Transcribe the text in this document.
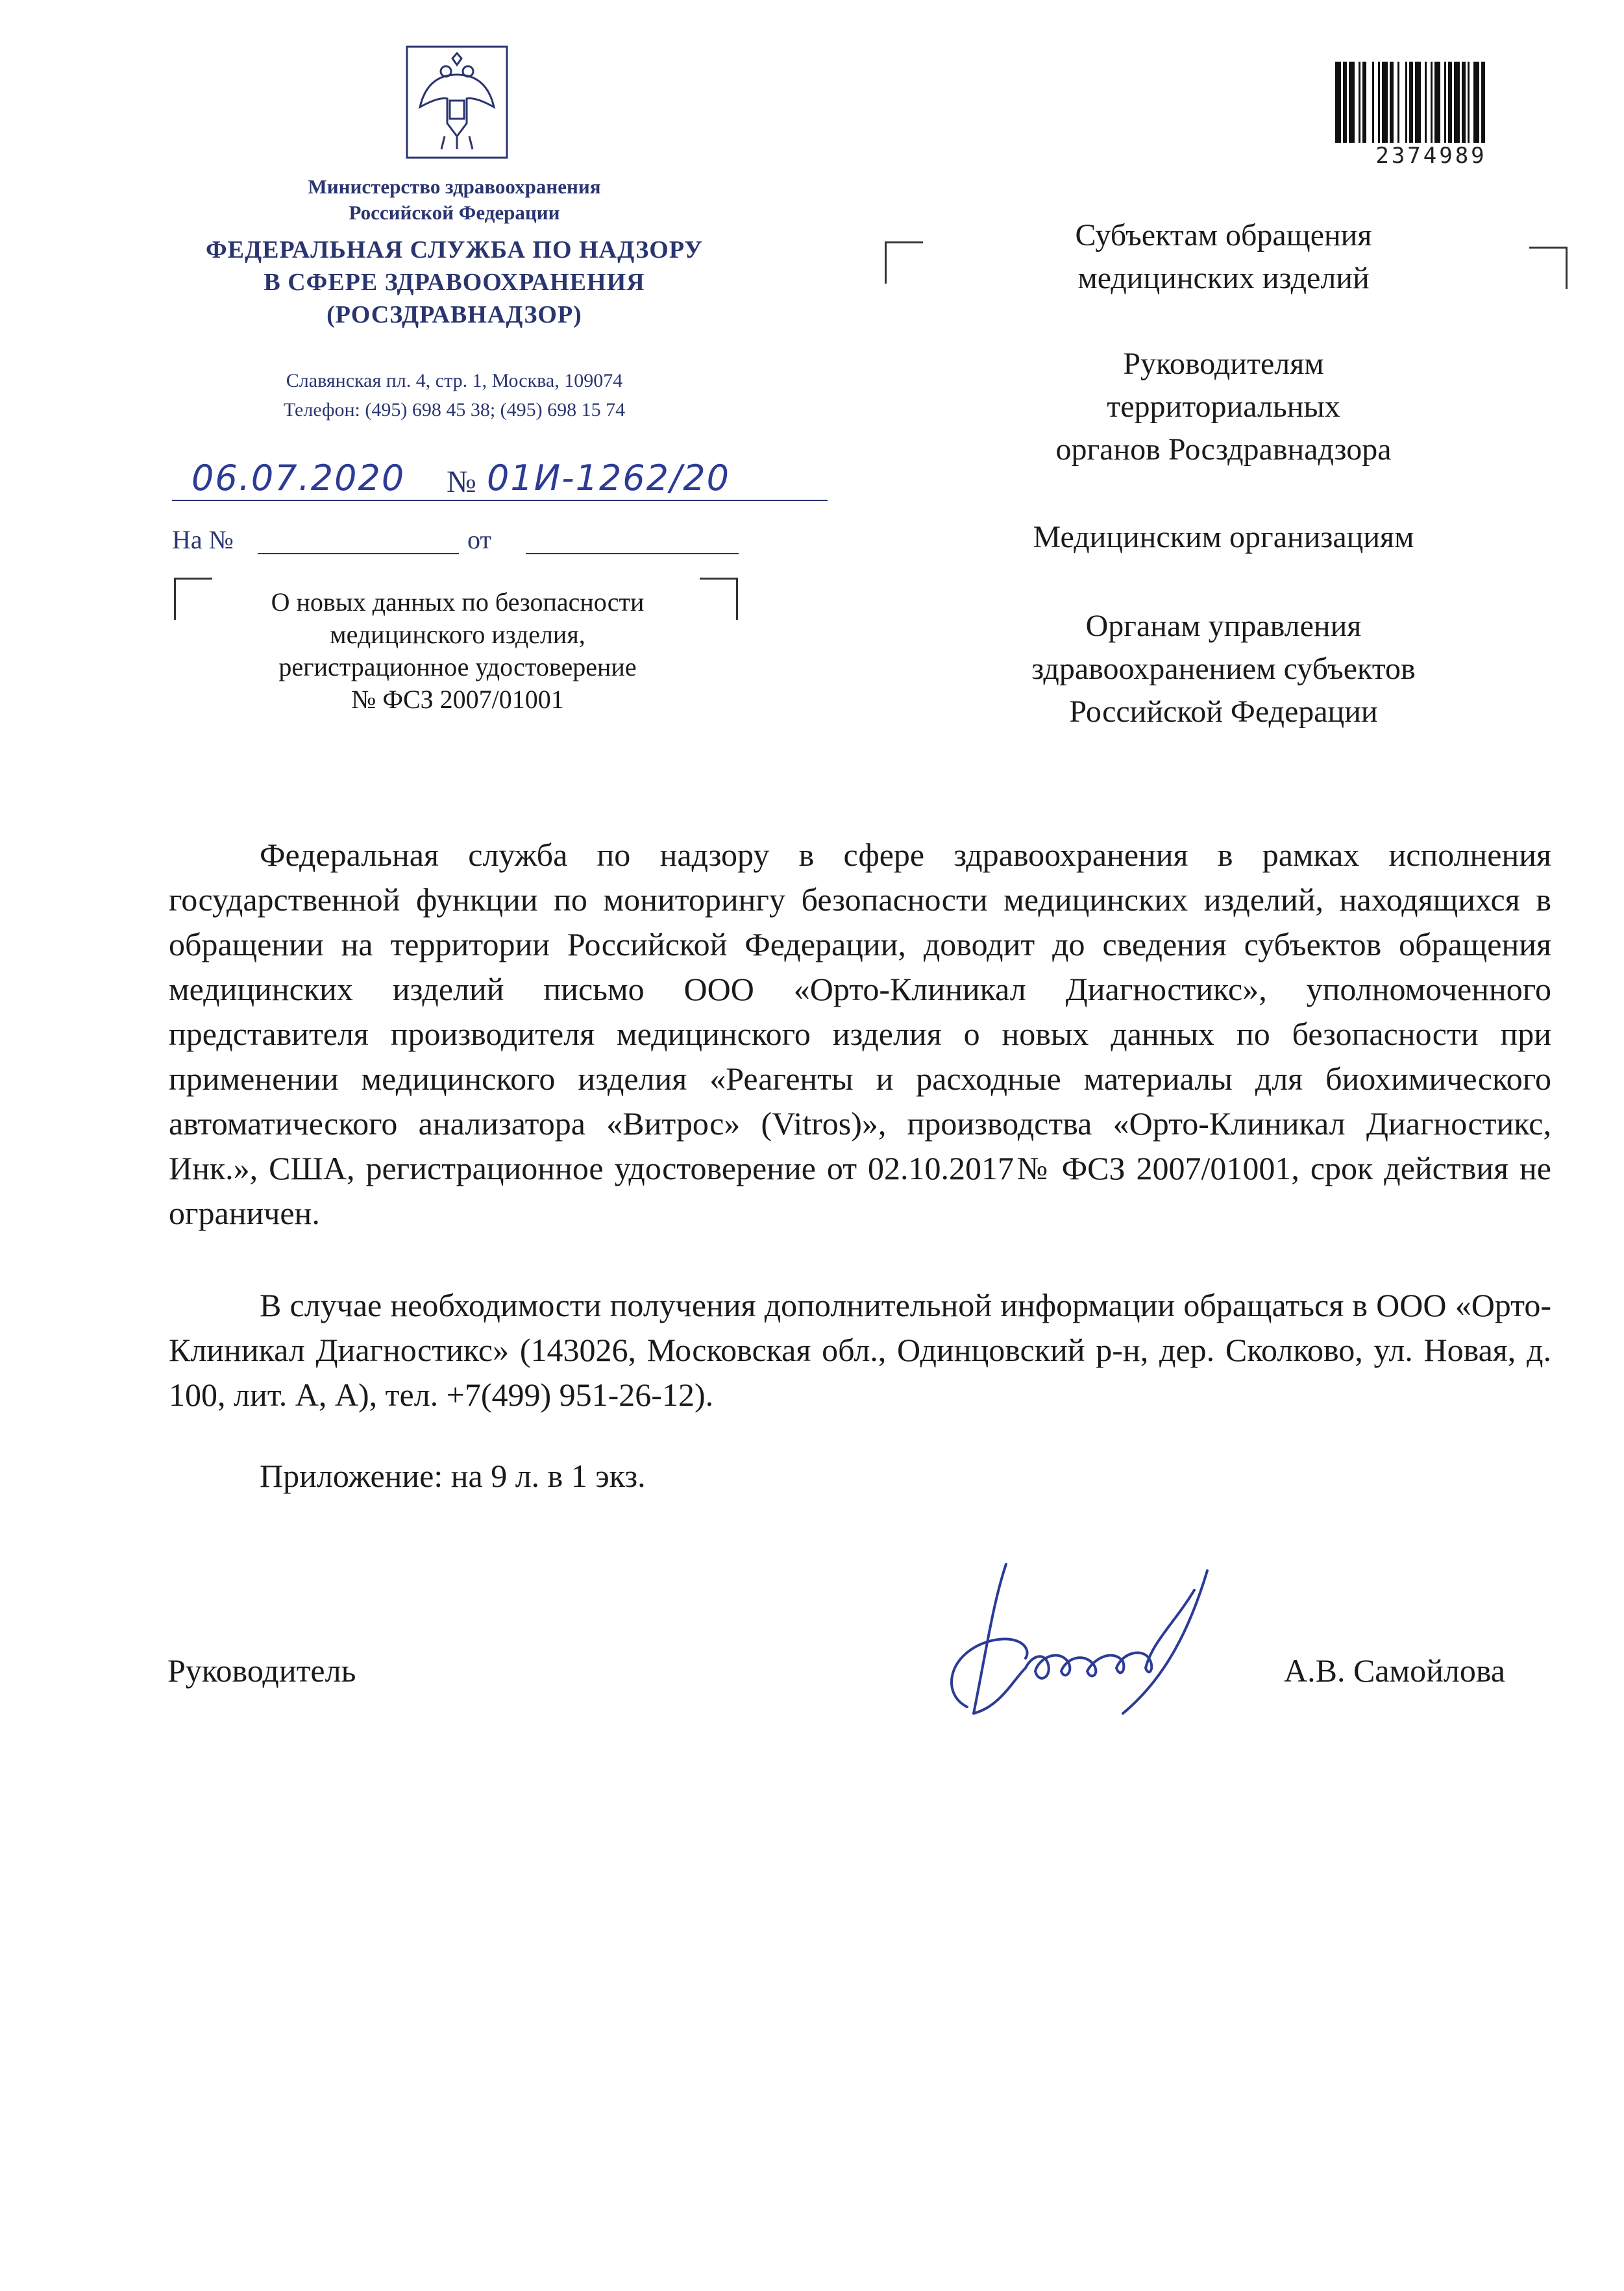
Министерство здравоохранения
Российской Федерации
ФЕДЕРАЛЬНАЯ СЛУЖБА ПО НАДЗОРУ
В СФЕРЕ ЗДРАВООХРАНЕНИЯ
(РОСЗДРАВНАДЗОР)
Славянская пл. 4, стр. 1, Москва, 109074
Телефон: (495) 698 45 38; (495) 698 15 74
06.07.2020 № 01И-1262/20
На №	от
О новых данных по безопасности
медицинского изделия,
регистрационное удостоверение
№ ФСЗ 2007/01001
Субъектам обращения
медицинских изделий
Руководителям
территориальных
органов Росздравнадзора
Медицинским организациям
Органам управления
здравоохранением субъектов
Российской Федерации
2374989

Федеральная служба по надзору в сфере здравоохранения в рамках исполнения государственной функции по мониторингу безопасности медицинских изделий, находящихся в обращении на территории Российской Федерации, доводит до сведения субъектов обращения медицинских изделий письмо ООО «Орто-Клиникал Диагностикс», уполномоченного представителя производителя медицинского изделия о новых данных по безопасности при применении медицинского изделия «Реагенты и расходные материалы для биохимического автоматического анализатора «Витрос» (Vitros)», производства «Орто-Клиникал Диагностикс, Инк.», США, регистрационное удостоверение от 02.10.2017№ ФСЗ 2007/01001, срок действия не ограничен.

В случае необходимости получения дополнительной информации обращаться в ООО «Орто-Клиникал Диагностикс» (143026, Московская обл., Одинцовский р-н, дер. Сколково, ул. Новая, д. 100, лит. А, А), тел. +7(499) 951-26-12).

Приложение: на 9 л. в 1 экз.
Руководитель	А.В. Самойлова
